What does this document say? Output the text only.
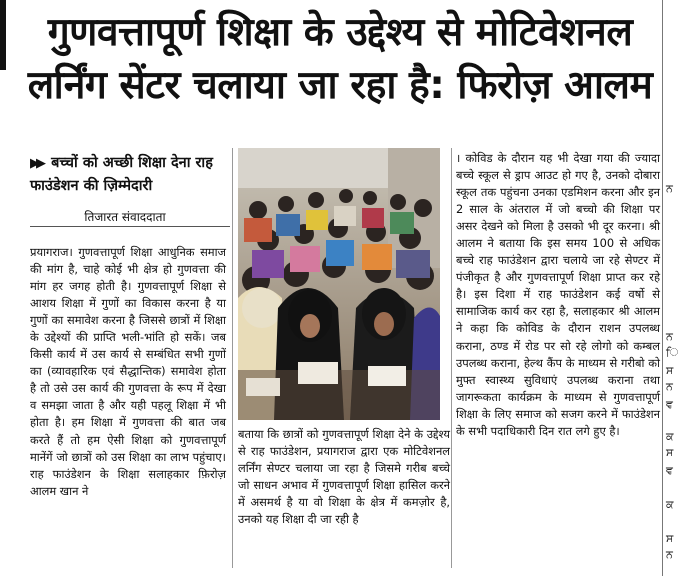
ਨ
ਨ
ਿ
ਸ
ਨ
ਵ
ਕ
ਸ
ਵ
ਕ
ਸ
ਨ
गुणवत्तापूर्ण शिक्षा के उद्देश्य से मोटिवेशनल
लर्निंग सेंटर चलाया जा रहा है: फिरोज़ आलम
▶▶ बच्चों को अच्छी शिक्षा देना राह फाउंडेशन की ज़िम्मेदारी
तिजारत संवाददाता
प्रयागराज। गुणवत्तापूर्ण शिक्षा आधुनिक समाज की मांग है, चाहे कोई भी क्षेत्र हो गुणवत्ता की मांग हर जगह होती है। गुणवत्तापूर्ण शिक्षा से आशय शिक्षा में गुणों का विकास करना है या गुणों का समावेश करना है जिससे छात्रों में शिक्षा के उद्देश्यों की प्राप्ति भली-भांति हो सकें। जब किसी कार्य में उस कार्य से सम्बंधित सभी गुणों का (व्यावहारिक एवं सैद्धान्तिक) समावेश होता है तो उसे उस कार्य की गुणवत्ता के रूप में देखा व समझा जाता है और यही पहलू शिक्षा में भी होता है। हम शिक्षा में गुणवत्ता की बात जब करते हैं तो हम ऐसी शिक्षा को गुणवत्तापूर्ण मानेंगें जो छात्रों को उस शिक्षा का लाभ पहुंचाए। राह फाउंडेशन के शिक्षा सलाहकार फ़िरोज़ आलम खान ने
बताया कि छात्रों को गुणवत्तापूर्ण शिक्षा देने के उद्देश्य से राह फाउंडेशन, प्रयागराज द्वारा एक मोटिवेशनल लर्निंग सेण्टर चलाया जा रहा है जिसमे गरीब बच्चे जो साधन अभाव में गुणवत्तापूर्ण शिक्षा हासिल करने में असमर्थ है या वो शिक्षा के क्षेत्र में कमज़ोर है, उनको यह शिक्षा दी जा रही है
। कोविड के दौरान यह भी देखा गया की ज्यादा बच्चे स्कूल से ड्राप आउट हो गए है, उनको दोबारा स्कूल तक पहुंचना उनका एडमिशन करना और इन 2 साल के अंतराल में जो बच्चो की शिक्षा पर असर देखने को मिला है उसको भी दूर करना। श्री आलम ने बताया कि इस समय 100 से अधिक बच्चे राह फाउंडेशन द्वारा चलाये जा रहे सेण्टर में पंजीकृत है और गुणवत्तापूर्ण शिक्षा प्राप्त कर रहे है। इस दिशा में राह फाउंडेशन कई वर्षो से सामाजिक कार्य कर रहा है, सलाहकार श्री आलम ने कहा कि कोविड के दौरान राशन उपलब्ध कराना, ठण्ड में रोड पर सो रहे लोगो को कम्बल उपलब्ध कराना, हेल्थ कैंप के माध्यम से गरीबो को मुफ्त स्वास्थ्य सुविधाएं उपलब्ध कराना तथा जागरूकता कार्यक्रम के माध्यम से गुणवत्तापूर्ण शिक्षा के लिए समाज को सजग करने में फाउंडेशन के सभी पदाधिकारी दिन रात लगे हुए है।
